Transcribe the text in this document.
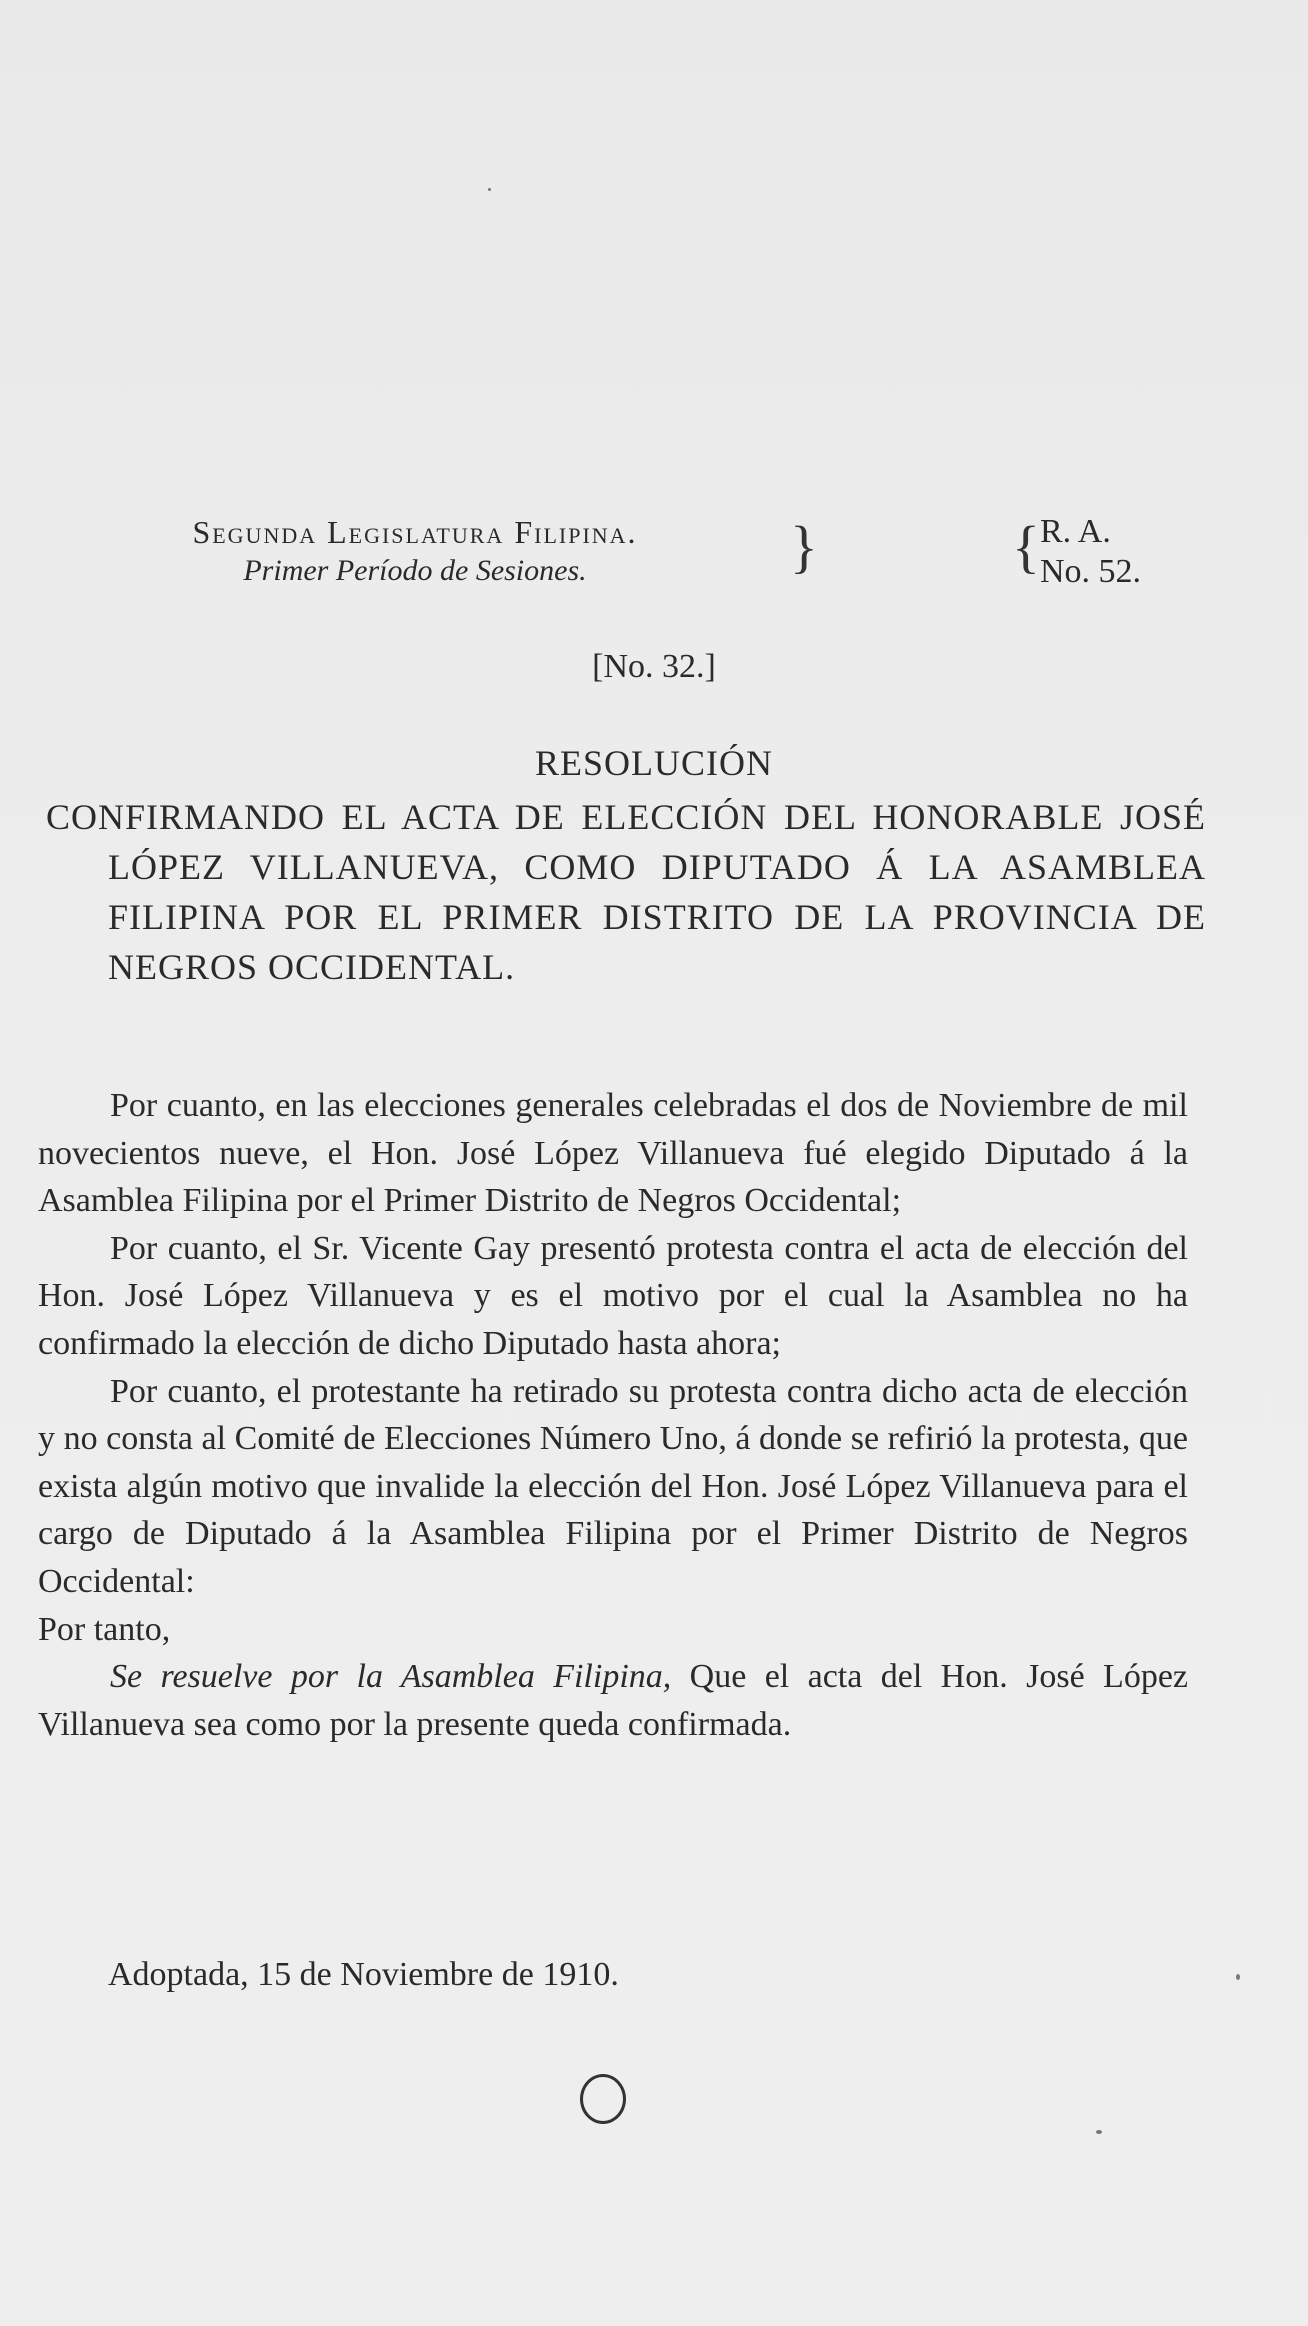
Segunda Legislatura Filipina.
Primer Período de Sesiones.	}	{ R. A.
No. 52.
[No. 32.]
RESOLUCIÓN
CONFIRMANDO EL ACTA DE ELECCIÓN DEL HONORABLE JOSÉ LÓPEZ VILLANUEVA, COMO DIPUTADO Á LA ASAMBLEA FILIPINA POR EL PRIMER DISTRITO DE LA PROVINCIA DE NEGROS OCCIDENTAL.

Por cuanto, en las elecciones generales celebradas el dos de Noviembre de mil novecientos nueve, el Hon. José López Villanueva fué elegido Diputado á la Asamblea Filipina por el Primer Distrito de Negros Occidental;

Por cuanto, el Sr. Vicente Gay presentó protesta contra el acta de elección del Hon. José López Villanueva y es el motivo por el cual la Asamblea no ha confirmado la elección de dicho Diputado hasta ahora;

Por cuanto, el protestante ha retirado su protesta contra dicho acta de elección y no consta al Comité de Elecciones Número Uno, á donde se refirió la protesta, que exista algún motivo que invalide la elección del Hon. José López Villanueva para el cargo de Diputado á la Asamblea Filipina por el Primer Distrito de Negros Occidental:

Por tanto,

Se resuelve por la Asamblea Filipina, Que el acta del Hon. José López Villanueva sea como por la presente queda confirmada.

Adoptada, 15 de Noviembre de 1910.
